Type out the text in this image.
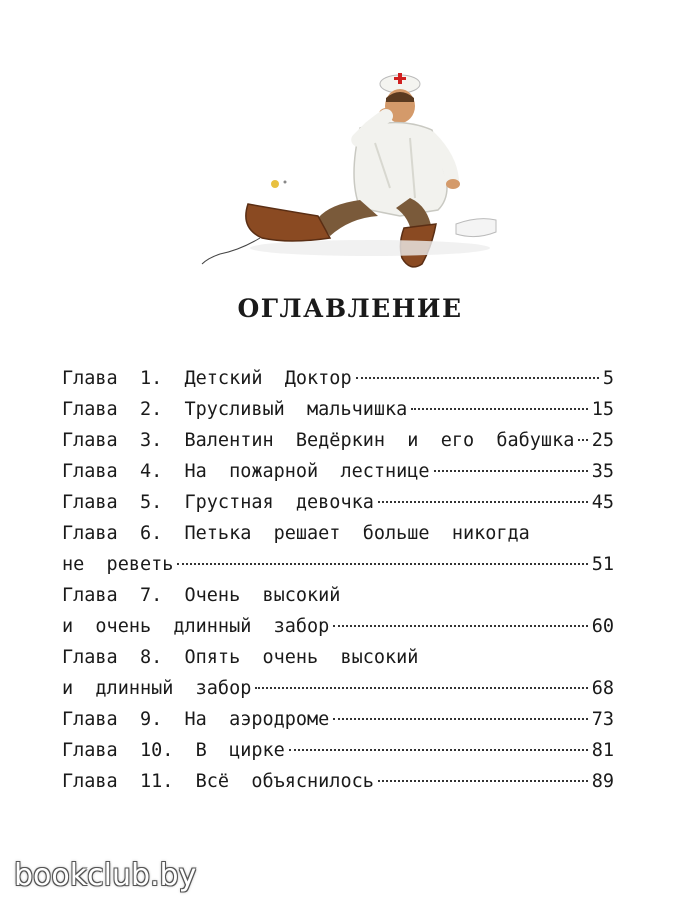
ОГЛАВЛЕНИЕ
Глава  1.  Детский  Доктор	5
Глава  2.  Трусливый  мальчишка	15
Глава  3.  Валентин  Ведёркин  и  его  бабушка 25
Глава  4.  На  пожарной  лестнице	35
Глава  5.  Грустная  девочка	45
Глава  6.  Петька  решает  больше  никогда
не  реветь	51
Глава  7.  Очень  высокий
и  очень  длинный  забор	60
Глава  8.  Опять  очень  высокий
и  длинный  забор	68
Глава  9.  На  аэродроме	73
Глава  10.  В  цирке	81
Глава  11.  Всё  объяснилось	89
bookclub.by
